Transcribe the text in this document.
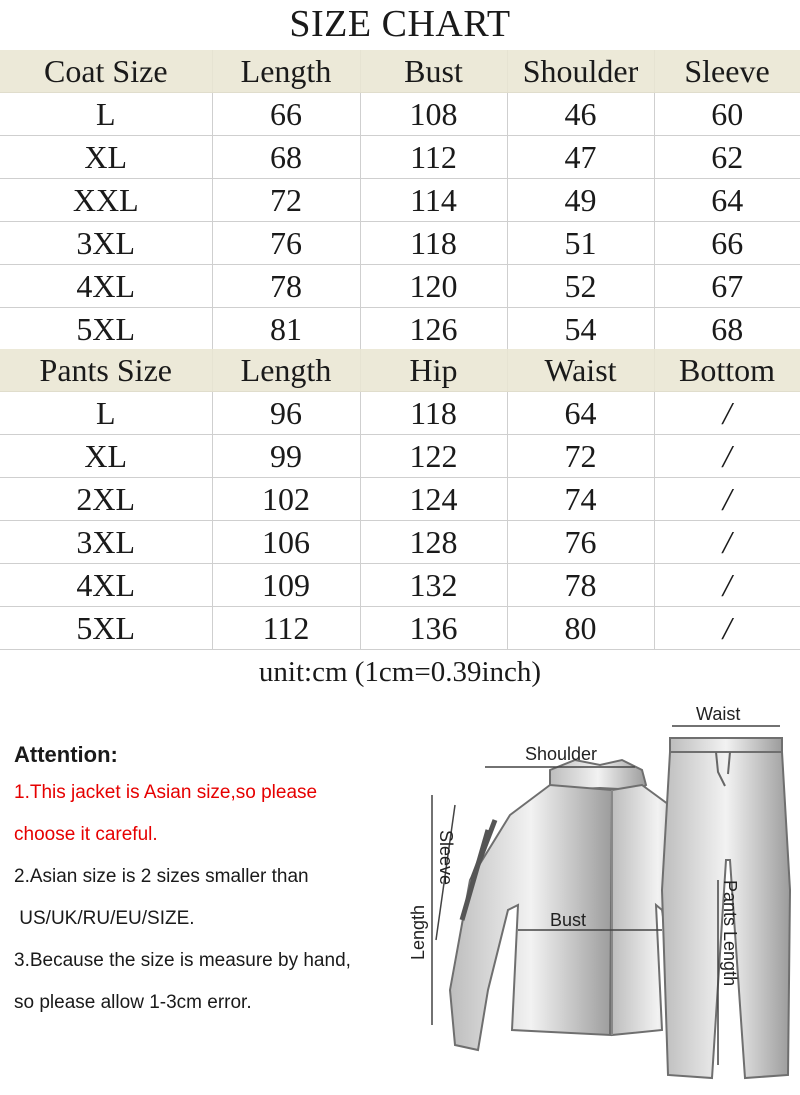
SIZE CHART
Coat Size	Length	Bust	Shoulder	Sleeve
L	66	108	46	60
XL	68	112	47	62
XXL	72	114	49	64
3XL	76	118	51	66
4XL	78	120	52	67
5XL	81	126	54	68
Pants Size	Length	Hip	Waist	Bottom
L	96	118	64	/
XL	99	122	72	/
2XL	102	124	74	/
3XL	106	128	76	/
4XL	109	132	78	/
5XL	112	136	80	/
unit:cm (1cm=0.39inch)
Attention:
1.This jacket is Asian size,so please
choose it careful.
2.Asian size is 2 sizes smaller than
US/UK/RU/EU/SIZE.
3.Because the size is measure by hand,
so please allow 1-3cm error.
Waist
Shoulder
Bust
Sleeve
Length	Pants Length
